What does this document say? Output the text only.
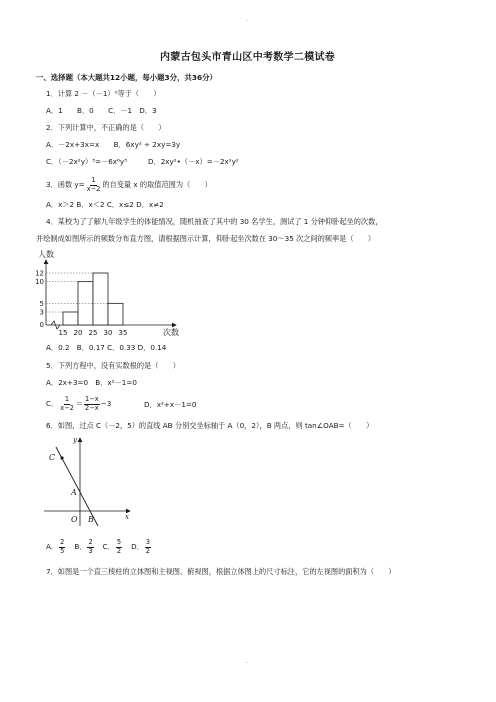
·
内蒙古包头市青山区中考数学二模试卷
一、选择题（本大题共12小题，每小题3分，共36分）
1．计算 2 －（－1）⁰等于（　　）
A．1　　B．0　　C．－1　D．3
2．下列计算中，不正确的是（　　）
A．－2x+3x=x　　B．6xy² ÷ 2xy=3y
C．（－2x²y）³=－6x⁶y³	D．2xy²•（－x）=－2x²y²
3．函数 $y= \frac{1}{x-2}$ 的自变量 x 的取值范围为（　　）
A．x＞2 B．x＜2 C．x≤2 D．x≠2
4．某校为了了解九年级学生的体能情况，随机抽查了其中的 30 名学生，测试了 1 分钟仰卧起坐的次数，
并绘制成如图所示的频数分布直方图，请根据图示计算，仰卧起坐次数在 30～35 次之间的频率是（　　）
人数
0
3
5
10
12
15 20 25 30 35	次数
A．0.2　B．0.17 C．0.33 D．0.14
5．下列方程中，没有实数根的是（　　）
A．2x+3=0　B．x²－1=0
C． $\frac{1}{x-2} = \frac{1-x}{2-x} -3$	D．x²+x－1=0
6．如图，过点 C（－2，5）的直线 AB 分别交坐标轴于 A（0，2），B 两点，则 tan∠OAB=（　　）
C
A
O B	x
y
A． $\frac{2}{5}$ B． $\frac{2}{3}$ C． $\frac{5}{2}$ D． $\frac{3}{2}$
7．如图是一个直三棱柱的立体图和主视图、俯视图，根据立体图上的尺寸标注，它的左视图的面积为（　　）
·
